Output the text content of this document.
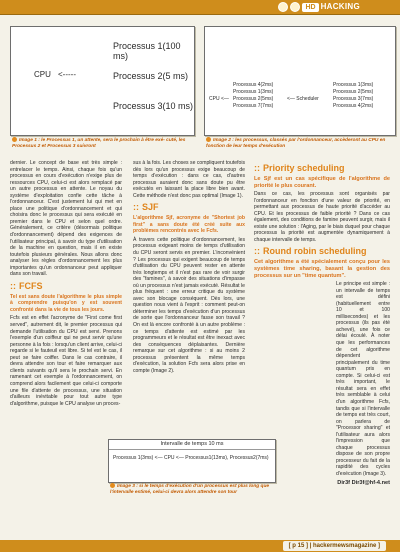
HD HACKING
CPU <-----
Processus 1(100 ms)
Processus 2(5 ms)
Processus 3(10 ms)
Image 1 : le Processus 1, un attente, sera le prochain à être exé- cuté, les Processus 2 et Processus 3 suivront
Processus 4(2ms)
Processus 1(3ms)
CPU <— Processus 2(5ms)
Processus 7(7ms)
<— Scheduler
Processus 1(3ms)
Processus 2(5ms)
Processus 3(7ms)
Processus 4(2ms)
Image 2 : les processus, classés par l'ordonnanceur, accèderont au CPU en fonction de leur temps d'exécution

dernier. Le concept de base est très simple : entrelacer le temps. Ainsi, chaque fois qu'un processus en cours d'exécution n'exige plus de ressources CPU, celui-ci est alors remplacé par un autre processus en attente. Le noyau du système d'exploitation confie cette tâche à l'ordonnanceur. C'est justement lui qui met en place une politique d'ordonnancement et qui choisira donc le processus qui sera exécuté en premier dans le CPU et selon quel ordre. Généralement, ce critère (désormais politique d'ordonnancement) dépend des exigences de l'utilisateur principal, à savoir du type d'utilisation de la machine en question, mais il en existe toutefois plusieurs générales. Nous allons donc analyser les règles d'ordonnancement les plus importantes qu'un ordonnanceur peut appliquer dans son travail.

:: FCFS

Tel est sans doute l'algorithme le plus simple à comprendre puisqu'on y est souvent confronté dans la vie de tous les jours.

Fcfs est en effet l'acronyme de "First come first served", autrement dit, le premier processus qui demande l'utilisation du CPU est servi. Prenons l'exemple d'un coiffeur qui ne peut servir qu'une personne à la fois : lorsqu'un client arrive, celui-ci regarde si le fauteuil est libre. Si tel est le cas, il peut se faire coiffer. Dans le cas contraire, il devra attendre son tour et faire remarquer aux clients suivants qu'il sera le prochain servi. En ramenant cet exemple à l'ordonnancement, on comprend alors facilement que celui-ci comporte une file d'attente de processus, une situation d'ailleurs inévitable pour tout autre type d'algorithme, puisque le CPU analyse un proces-

sus à la fois. Les choses se compliquent toutefois dès lors qu'un processus exige beaucoup de temps d'exécution : dans ce cas, d'autres processus auraient donc sans doute pu être exécutés en laissant la place libre bien avant. Cette méthode n'est donc pas optimal (Image 1).

:: SJF

L'algorithme Sjf, acronyme de "Shortest job first" a sans doute été créé suite aux problèmes rencontrés avec le Fcfs.

À travers cette politique d'ordonnancement, les processus exigeant moins de temps d'utilisation du CPU seront servis en premier. L'inconvénient ? Les processus qui exigent beaucoup de temps d'utilisation du CPU peuvent rester en attente très longtemps et il n'est pas rare de voir surgir des "famines", à savoir des situations d'impasse où un processus n'est jamais exécuté. Résultat le plus fréquent : une erreur critique du système avec son blocage conséquent. Dès lors, une question nous vient à l'esprit : comment peut-on déterminer les temps d'exécution d'un processus de sorte que l'ordonnanceur fasse son travail ? On est là encore confronté à un autre problème : ce temps d'attente est estimé par les programmeurs et le résultat est être inexact avec des conséquences déplaisantes. Dernière remarque sur cet algorithme : si au moins 2 processus présentent la même temps d'exécution, la solution Fcfs sera alors prise en compte (Image 2).

:: Priority scheduling

Le Sjf est un cas spécifique de l'algorithme de priorité le plus courant.

Dans ce cas, les processus sont organisés par l'ordonnanceur en fonction d'une valeur de priorité, en permettant aux processus de haute priorité d'accéder au CPU. Et les processus de faible priorité ? Dans ce cas également, des conditions de famine peuvent surgir, mais il existe une solution : l'Aging, par le biais duquel pour chaque processus la priorité est augmentée dynamiquement à chaque intervalle de temps.

:: Round robin scheduling

Cet algorithme a été spécialement conçu pour les systèmes time sharing, basant la gestion des processus sur un "time quantum".

Le principe est simple : un intervalle de temps est défini (habituellement entre 10 et 100 millisecondes) et les processus (ils pas été achevé), une fois ce délai écoulé. À noter que les performances de cet algorithme dépendent principalement du time quantum pris en compte. Si celui-ci est très important, le résultat sera en effet très semblable à celui d'un algorithme Fcfs, tandis que si l'intervalle de temps est très court, on parlera de "Processor sharing" et l'utilisateur aura alors l'impression que chaque processus dispose de son propre processeur du fait de la rapidité des cycles d'exécution (Image 3).

Dir3f Dir3f@hf-4.net

Intervalle de temps 10 ms
Processus 1(3ms) <— CPU <— Processus1(13ms), Processus2(7ms)
Image 3 : si le temps d'exécution d'un processus est plus long que l'intervalle estimé, celui-ci devra alors attendre son tour
[ p 15 ] | hackermewsmagazine ]
